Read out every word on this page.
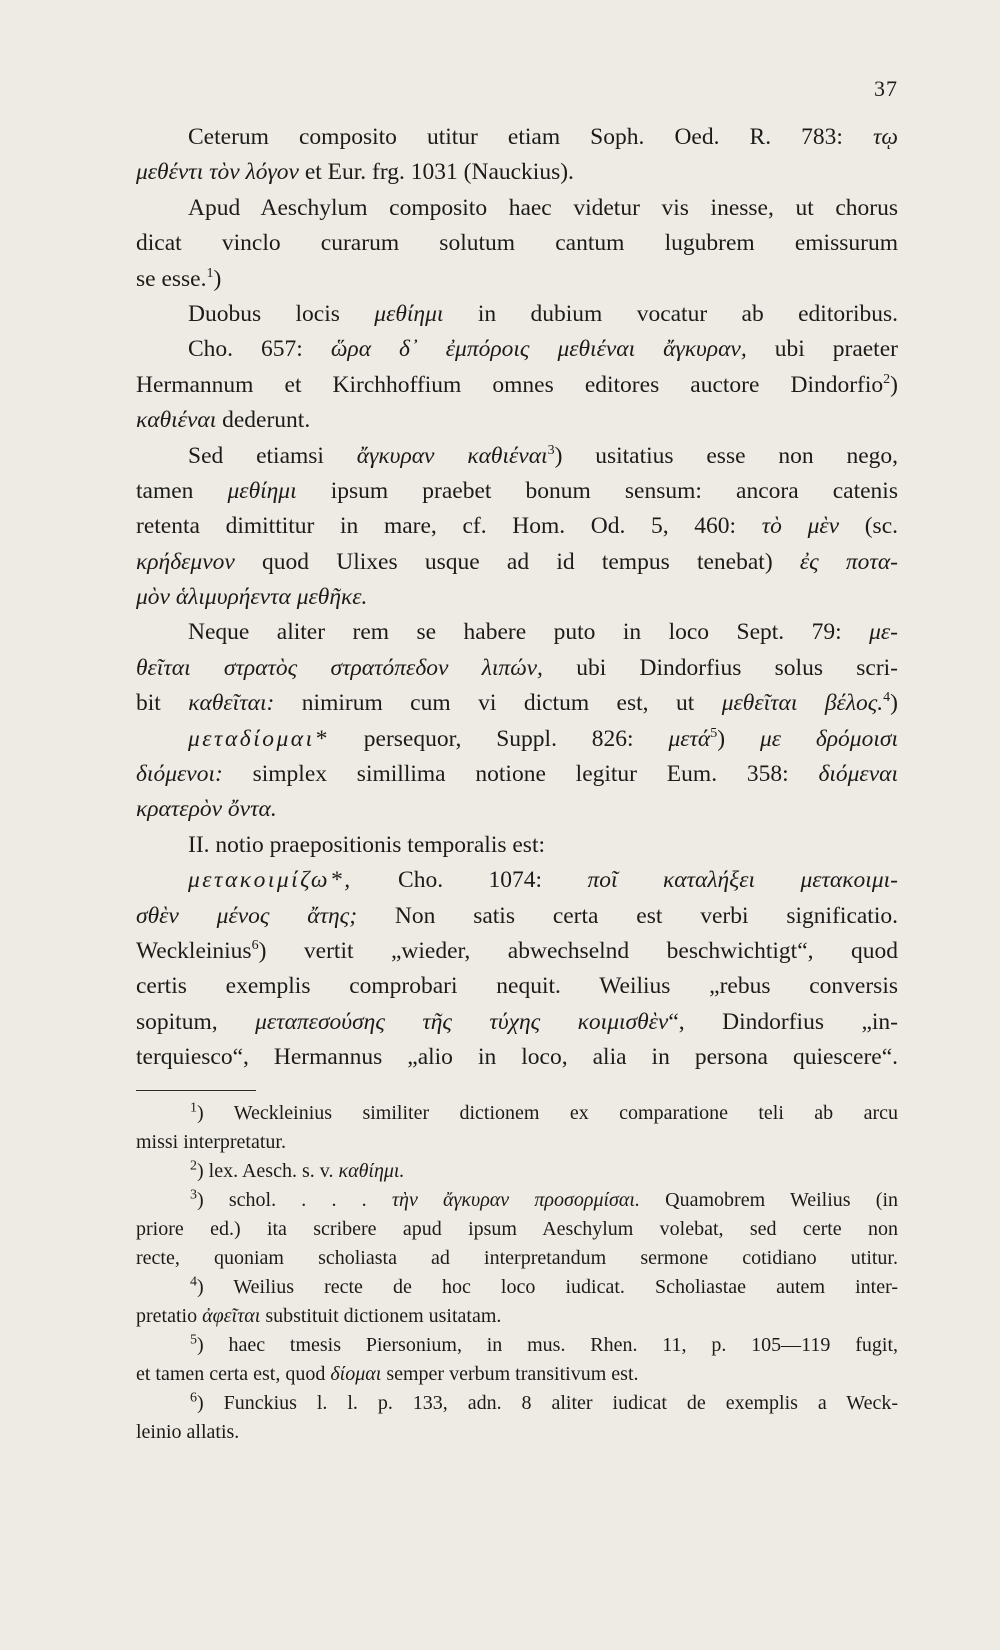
37
Ceterum composito utitur etiam Soph. Oed. R. 783: τῳ
μεθέντι τὸν λόγον et Eur. frg. 1031 (Nauckius).
Apud Aeschylum composito haec videtur vis inesse, ut chorus
dicat vinclo curarum solutum cantum lugubrem emissurum
se esse.$^1$)
Duobus locis μεθίημι in dubium vocatur ab editoribus.
Cho. 657: ὥρα δ᾽ ἐμπόροις μεθιέναι ἄγκυραν, ubi praeter
Hermannum et Kirchhoffium omnes editores auctore Dindorfio$^2$)
καθιέναι dederunt.
Sed etiamsi ἄγκυραν καθιέναι$^3$) usitatius esse non nego,
tamen μεθίημι ipsum praebet bonum sensum: ancora catenis
retenta dimittitur in mare, cf. Hom. Od. 5, 460: τὸ μὲν (sc.
κρήδεμνον quod Ulixes usque ad id tempus tenebat) ἐς ποτα-
μὸν ἁλιμυρήεντα μεθῆκε.
Neque aliter rem se habere puto in loco Sept. 79: με-
θεῖται στρατὸς στρατόπεδον λιπών, ubi Dindorfius solus scri-
bit καθεῖται: nimirum cum vi dictum est, ut μεθεῖται βέλος.$^4$)
μεταδίομαι* persequor, Suppl. 826: μετά$^5$) με δρόμοισι
διόμενοι: simplex simillima notione legitur Eum. 358: διόμεναι
κρατερὸν ὄντα.
II. notio praepositionis temporalis est:
μετακοιμίζω*, Cho. 1074: ποῖ καταλήξει μετακοιμι-
σθὲν μένος ἄτης; Non satis certa est verbi significatio.
Weckleinius$^6$) vertit „wieder, abwechselnd beschwichtigt“, quod
certis exemplis comprobari nequit. Weilius „rebus conversis
sopitum, μεταπεσούσης τῆς τύχης κοιμισθὲν“, Dindorfius „in-
terquiesco“, Hermannus „alio in loco, alia in persona quiescere“.
$^1$) Weckleinius similiter dictionem ex comparatione teli ab arcu
missi interpretatur.
$^2$) lex. Aesch. s. v. καθίημι.
$^3$) schol. . . . τὴν ἄγκυραν προσορμίσαι. Quamobrem Weilius (in
priore ed.) ita scribere apud ipsum Aeschylum volebat, sed certe non
recte, quoniam scholiasta ad interpretandum sermone cotidiano utitur.
$^4$) Weilius recte de hoc loco iudicat. Scholiastae autem inter-
pretatio ἀφεῖται substituit dictionem usitatam.
$^5$) haec tmesis Piersonium, in mus. Rhen. 11, p. 105—119 fugit,
et tamen certa est, quod δίομαι semper verbum transitivum est.
$^6$) Funckius l. l. p. 133, adn. 8 aliter iudicat de exemplis a Weck-
leinio allatis.
